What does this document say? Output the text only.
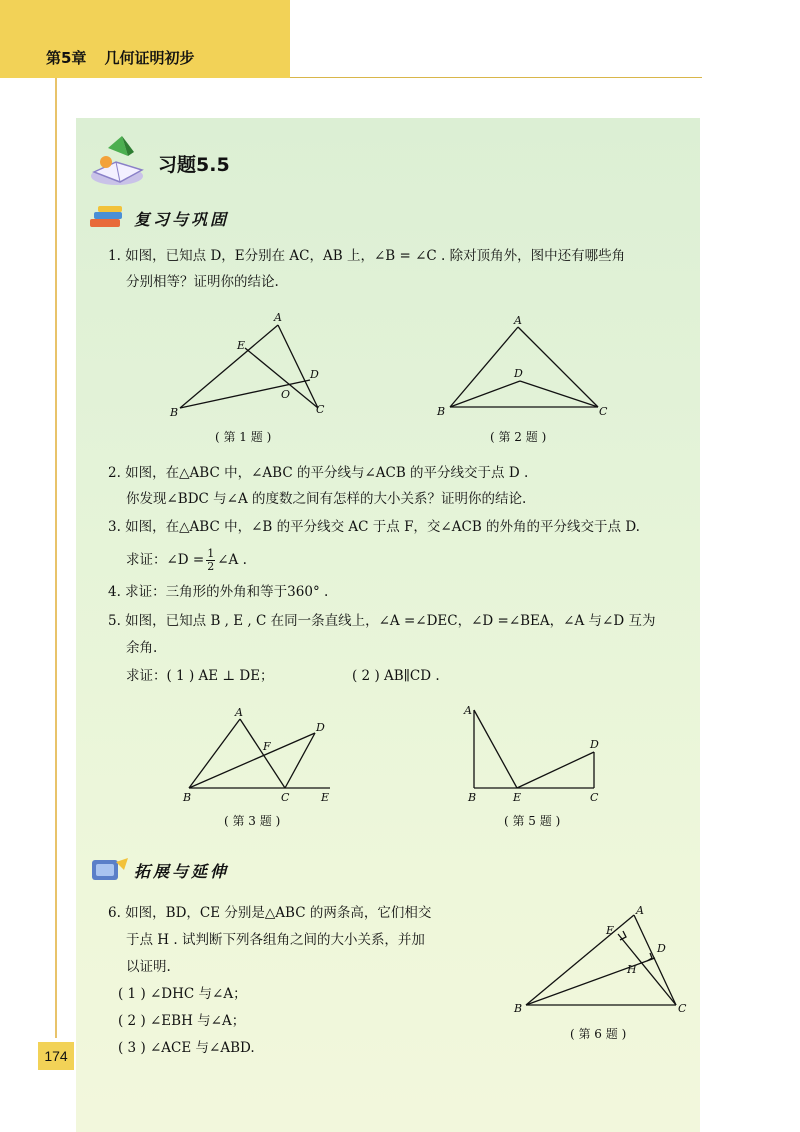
第5章 几何证明初步
174
习题5.5
复习与巩固
1. 如图，已知点 D，E分别在 AC，AB 上，∠B = ∠C . 除对顶角外，图中还有哪些角
分别相等？证明你的结论.
A
E
D
O
B	C
A
D
B	C
A
D
F
B	C	E
A
D
B	E	C
A
E
D
H
B	C
( 第 1 题 )	( 第 2 题 )
2. 如图，在△ABC 中，∠ABC 的平分线与∠ACB 的平分线交于点 D .
你发现∠BDC 与∠A 的度数之间有怎样的大小关系？证明你的结论.
3. 如图，在△ABC 中，∠B 的平分线交 AC 于点 F，交∠ACB 的外角的平分线交于点 D.
求证：∠D = $\frac{1}{2}$ ∠A .
4. 求证：三角形的外角和等于360° .
5. 如图，已知点 B , E , C 在同一条直线上，∠A =∠DEC，∠D =∠BEA，∠A 与∠D 互为
余角.
求证：( 1 ) AE ⊥ DE；	( 2 ) AB∥CD .
( 第 3 题 )	( 第 5 题 )
拓展与延伸
6. 如图，BD，CE 分别是△ABC 的两条高，它们相交
于点 H . 试判断下列各组角之间的大小关系，并加
以证明.
( 1 ) ∠DHC 与∠A；
( 2 ) ∠EBH 与∠A；
( 3 ) ∠ACE 与∠ABD.
( 第 6 题 )
